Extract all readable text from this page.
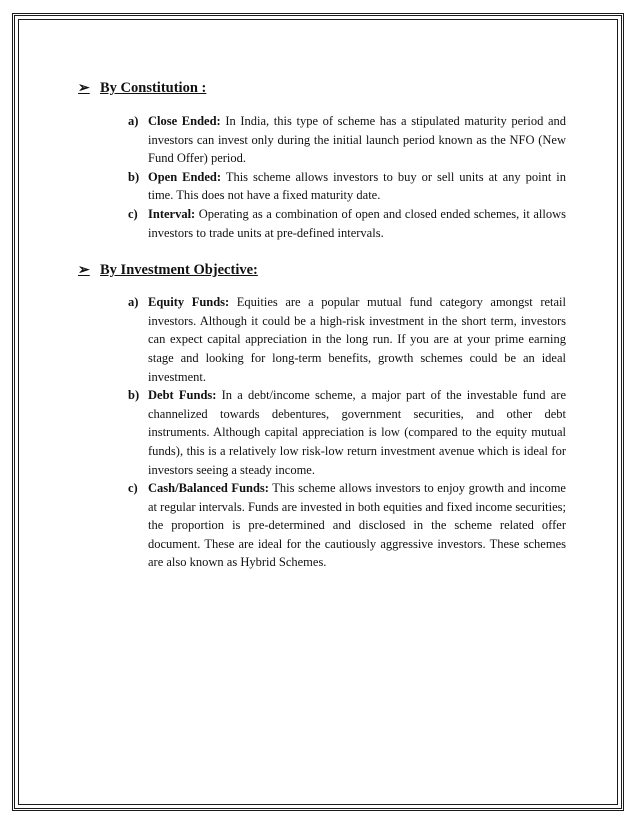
➢ By Constitution :
a) Close Ended: In India, this type of scheme has a stipulated maturity period and investors can invest only during the initial launch period known as the NFO (New Fund Offer) period.
b) Open Ended: This scheme allows investors to buy or sell units at any point in time. This does not have a fixed maturity date.
c) Interval: Operating as a combination of open and closed ended schemes, it allows investors to trade units at pre-defined intervals.
➢ By Investment Objective:
a) Equity Funds: Equities are a popular mutual fund category amongst retail investors. Although it could be a high-risk investment in the short term, investors can expect capital appreciation in the long run. If you are at your prime earning stage and looking for long-term benefits, growth schemes could be an ideal investment.
b) Debt Funds: In a debt/income scheme, a major part of the investable fund are channelized towards debentures, government securities, and other debt instruments. Although capital appreciation is low (compared to the equity mutual funds), this is a relatively low risk-low return investment avenue which is ideal for investors seeing a steady income.
c) Cash/Balanced Funds: This scheme allows investors to enjoy growth and income at regular intervals. Funds are invested in both equities and fixed income securities; the proportion is pre-determined and disclosed in the scheme related offer document. These are ideal for the cautiously aggressive investors. These schemes are also known as Hybrid Schemes.
